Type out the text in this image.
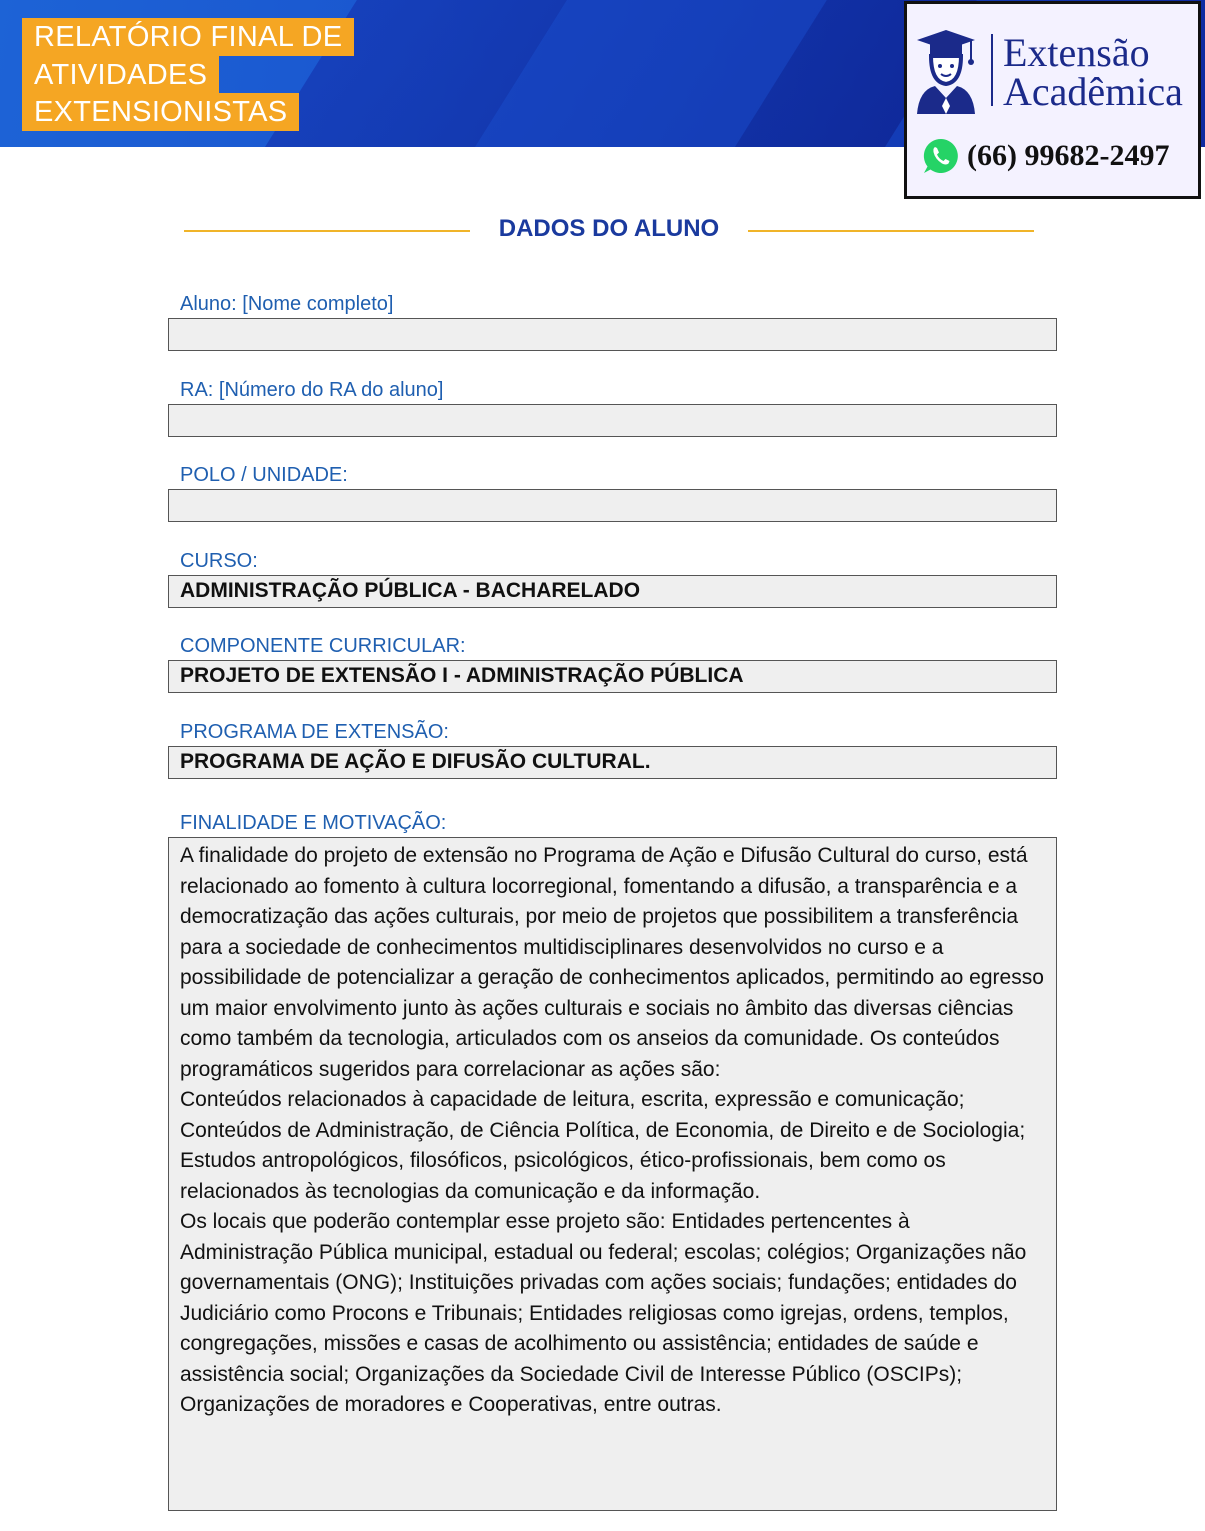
RELATÓRIO FINAL DE
ATIVIDADES
EXTENSIONISTAS
Extensão
Acadêmica
(66) 99682-2497
DADOS DO ALUNO
Aluno: [Nome completo]
RA: [Número do RA do aluno]
POLO / UNIDADE:
CURSO:
ADMINISTRAÇÃO PÚBLICA - BACHARELADO
COMPONENTE CURRICULAR:
PROJETO DE EXTENSÃO I - ADMINISTRAÇÃO PÚBLICA
PROGRAMA DE EXTENSÃO:
PROGRAMA DE AÇÃO E DIFUSÃO CULTURAL.
FINALIDADE E MOTIVAÇÃO:

A finalidade do projeto de extensão no Programa de Ação e Difusão Cultural do curso, está relacionado ao fomento à cultura locorregional, fomentando a difusão, a transparência e a democratização das ações culturais, por meio de projetos que possibilitem a transferência para a sociedade de conhecimentos multidisciplinares desenvolvidos no curso e a possibilidade de potencializar a geração de conhecimentos aplicados, permitindo ao egresso um maior envolvimento junto às ações culturais e sociais no âmbito das diversas ciências como também da tecnologia, articulados com os anseios da comunidade. Os conteúdos programáticos sugeridos para correlacionar as ações são:
Conteúdos relacionados à capacidade de leitura, escrita, expressão e comunicação; Conteúdos de Administração, de Ciência Política, de Economia, de Direito e de Sociologia; Estudos antropológicos, filosóficos, psicológicos, ético-profissionais, bem como os relacionados às tecnologias da comunicação e da informação.
Os locais que poderão contemplar esse projeto são: Entidades pertencentes à Administração Pública municipal, estadual ou federal; escolas; colégios; Organizações não governamentais (ONG); Instituições privadas com ações sociais; fundações; entidades do Judiciário como Procons e Tribunais; Entidades religiosas como igrejas, ordens, templos, congregações, missões e casas de acolhimento ou assistência; entidades de saúde e assistência social; Organizações da Sociedade Civil de Interesse Público (OSCIPs); Organizações de moradores e Cooperativas, entre outras.
